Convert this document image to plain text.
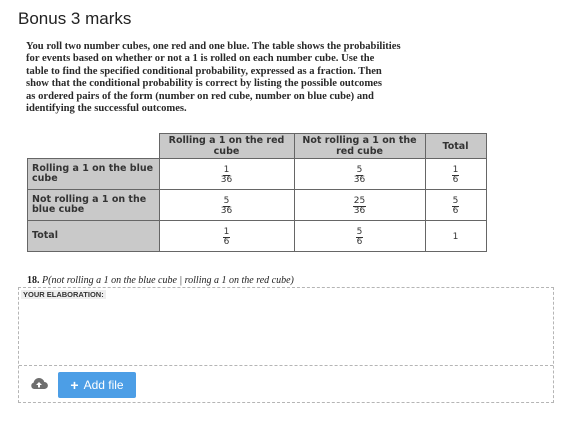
Bonus 3 marks
You roll two number cubes, one red and one blue. The table shows the probabilities
for events based on whether or not a 1 is rolled on each number cube. Use the
table to find the specified conditional probability, expressed as a fraction. Then
show that the conditional probability is correct by listing the possible outcomes
as ordered pairs of the form (number on red cube, number on blue cube) and
identifying the successful outcomes.
	Rolling a 1 on the red cube	Not rolling a 1 on the red cube	Total
Rolling a 1 on the blue cube	$\frac{1}{36}$	$\frac{5}{36}$	$\frac{1}{6}$

Not rolling a 1 on the blue cube	$\frac{5}{36}$	$\frac{25}{36}$	$\frac{5}{6}$

Total	$\frac{1}{6}$	$\frac{5}{6}$	1
18. P(not rolling a 1 on the blue cube | rolling a 1 on the red cube)
YOUR ELABORATION:
+ Add file
